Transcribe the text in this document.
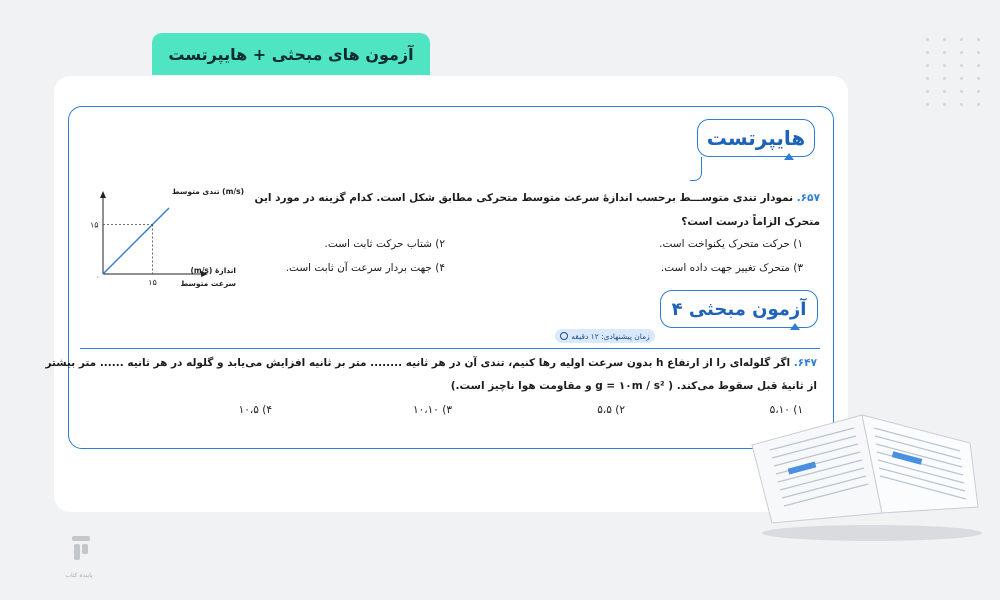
آزمون های مبحثی + هایپرتست
هایپرتست
آزمون مبحثی ۴
زمان پیشنهادی: ۱۲ دقیقه
۶۵۷. نمودار تندی متوســـط برحسب اندازهٔ سرعت متوسط متحرکی مطابق شکل است. کدام گزینه در مورد این
متحرک الزاماً درست است؟
۱) حرکت متحرک یکنواخت است.
۲) شتاب حرکت ثابت است.
۳) متحرک تغییر جهت داده است.
۴) جهت بردار سرعت آن ثابت است.
(m/s) تندی متوسط
۱۵
۰
۱۵
(m/s) اندازهٔ
سرعت متوسط
۶۴۷. اگر گلوله‌ای را از ارتفاع h بدون سرعت اولیه رها کنیم، تندی آن در هر ثانیه ........ متر بر ثانیه افزایش می‌یابد و گلوله در هر ثانیه ...... متر بیشتر
از ثانیهٔ قبل سقوط می‌کند. ( g = ۱۰m / s² و مقاومت هوا ناچیز است.)
۱) ۵،۱۰
۲) ۵،۵
۳) ۱۰،۱۰
۴) ۱۰،۵
پاینده کتاب
